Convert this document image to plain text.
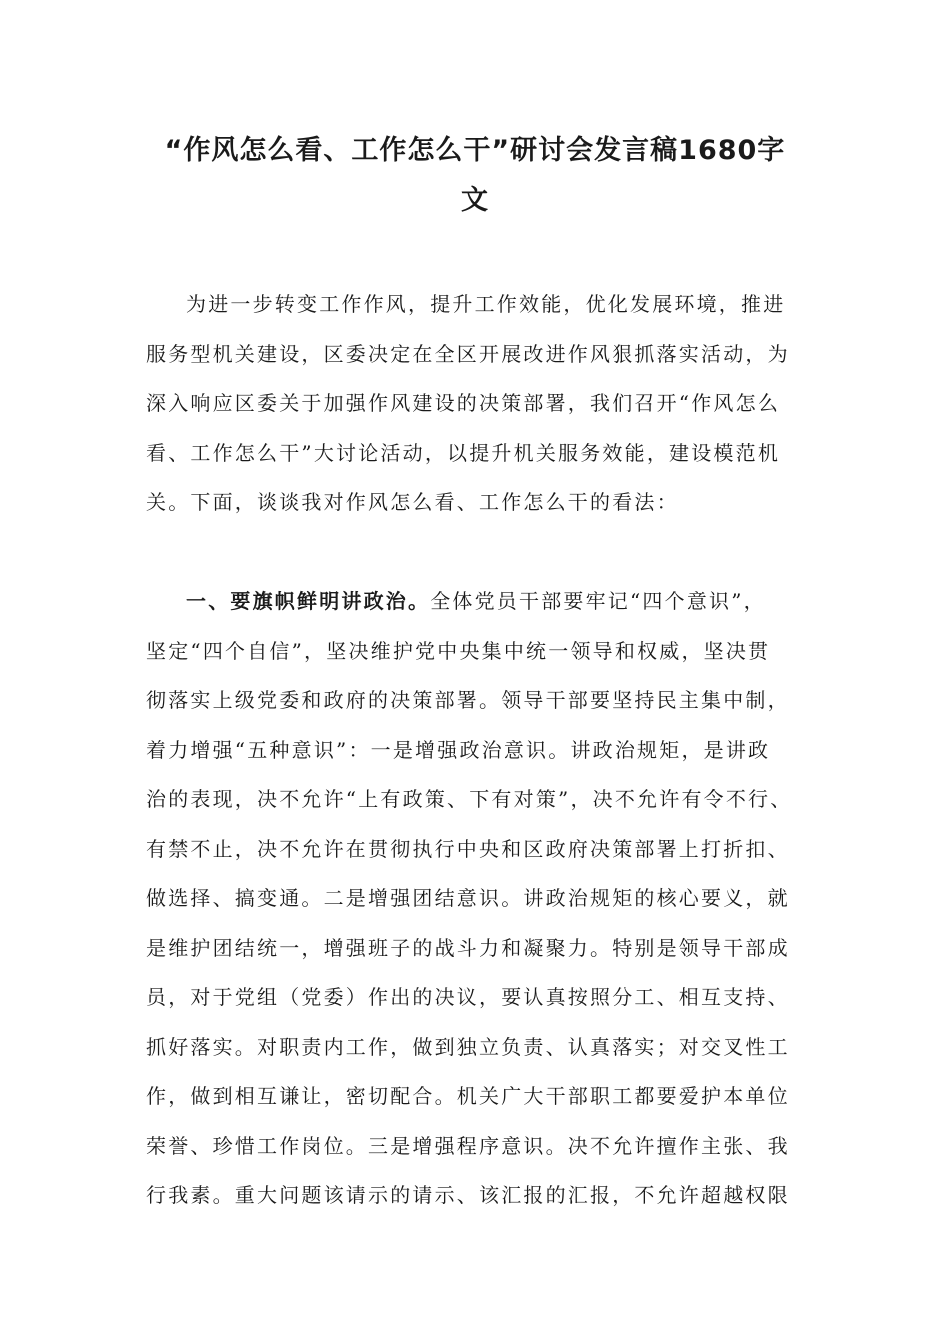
“作风怎么看、工作怎么干”研讨会发言稿1680字
文
为进一步转变工作作风，提升工作效能，优化发展环境，推进
服务型机关建设，区委决定在全区开展改进作风狠抓落实活动，为
深入响应区委关于加强作风建设的决策部署，我们召开“作风怎么
看、工作怎么干”大讨论活动，以提升机关服务效能，建设模范机
关。下面，谈谈我对作风怎么看、工作怎么干的看法：
一、要旗帜鲜明讲政治。全体党员干部要牢记“四个意识”，
坚定“四个自信”，坚决维护党中央集中统一领导和权威，坚决贯
彻落实上级党委和政府的决策部署。领导干部要坚持民主集中制，
着力增强“五种意识”：一是增强政治意识。讲政治规矩，是讲政
治的表现，决不允许“上有政策、下有对策”，决不允许有令不行、
有禁不止，决不允许在贯彻执行中央和区政府决策部署上打折扣、
做选择、搞变通。二是增强团结意识。讲政治规矩的核心要义，就
是维护团结统一，增强班子的战斗力和凝聚力。特别是领导干部成
员，对于党组（党委）作出的决议，要认真按照分工、相互支持、
抓好落实。对职责内工作，做到独立负责、认真落实；对交叉性工
作，做到相互谦让，密切配合。机关广大干部职工都要爱护本单位
荣誉、珍惜工作岗位。三是增强程序意识。决不允许擅作主张、我
行我素。重大问题该请示的请示、该汇报的汇报，不允许超越权限
